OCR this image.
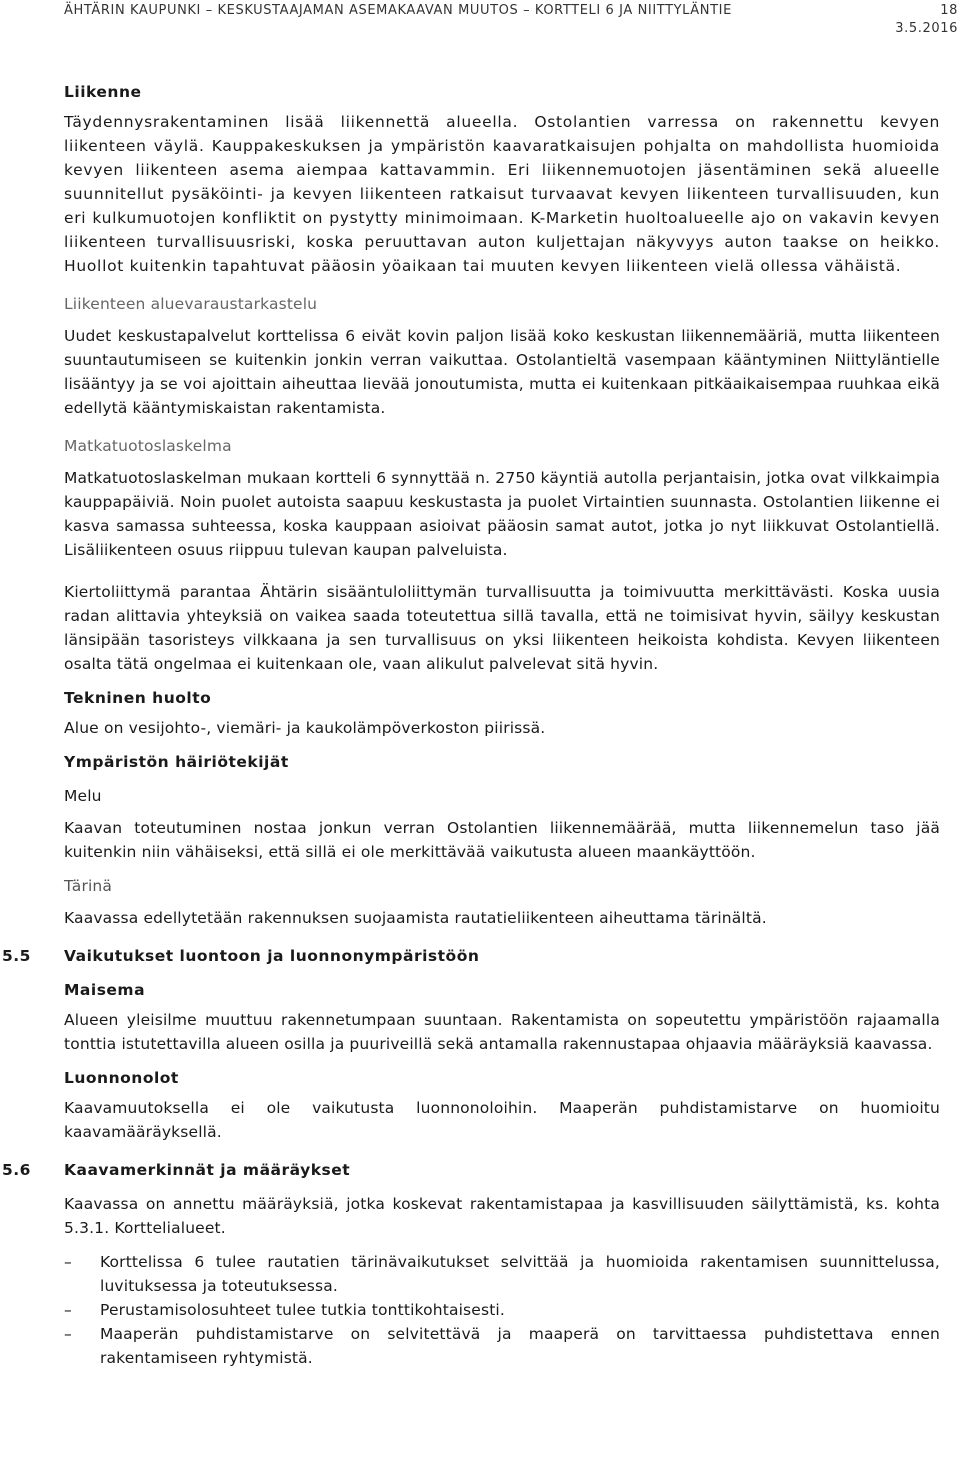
ÄHTÄRIN KAUPUNKI – KESKUSTAAJAMAN ASEMAKAAVAN MUUTOS – KORTTELI 6 JA NIITTYLÄNTIE	18
3.5.2016
Liikenne

Täydennysrakentaminen lisää liikennettä alueella. Ostolantien varressa on rakennettu kevyen liikenteen väylä. Kauppakeskuksen ja ympäristön kaavaratkaisujen pohjalta on mahdollista huomioida kevyen liikenteen asema aiempaa kattavammin. Eri liikennemuotojen jäsentäminen sekä alueelle suunnitellut pysäköinti- ja kevyen liikenteen ratkaisut turvaavat kevyen liikenteen turvallisuuden, kun eri kulkumuotojen konfliktit on pystytty minimoimaan. K-Marketin huoltoalueelle ajo on vakavin kevyen liikenteen turvallisuusriski, koska peruuttavan auton kuljettajan näkyvyys auton taakse on heikko. Huollot kuitenkin tapahtuvat pääosin yöaikaan tai muuten kevyen liikenteen vielä ollessa vähäistä.

Liikenteen aluevaraustarkastelu

Uudet keskustapalvelut korttelissa 6 eivät kovin paljon lisää koko keskustan liikennemääriä, mutta liikenteen suuntautumiseen se kuitenkin jonkin verran vaikuttaa. Ostolantieltä vasempaan kääntyminen Niittyläntielle lisääntyy ja se voi ajoittain aiheuttaa lievää jonoutumista, mutta ei kuitenkaan pitkäaikaisempaa ruuhkaa eikä edellytä kääntymiskaistan rakentamista.

Matkatuotoslaskelma

Matkatuotoslaskelman mukaan kortteli 6 synnyttää n. 2750 käyntiä autolla perjantaisin, jotka ovat vilkkaimpia kauppapäiviä. Noin puolet autoista saapuu keskustasta ja puolet Virtaintien suunnasta. Ostolantien liikenne ei kasva samassa suhteessa, koska kauppaan asioivat pääosin samat autot, jotka jo nyt liikkuvat Ostolantiellä. Lisäliikenteen osuus riippuu tulevan kaupan palveluista.

Kiertoliittymä parantaa Ähtärin sisääntuloliittymän turvallisuutta ja toimivuutta merkittävästi. Koska uusia radan alittavia yhteyksiä on vaikea saada toteutettua sillä tavalla, että ne toimisivat hyvin, säilyy keskustan länsipään tasoristeys vilkkaana ja sen turvallisuus on yksi liikenteen heikoista kohdista. Kevyen liikenteen osalta tätä ongelmaa ei kuitenkaan ole, vaan alikulut palvelevat sitä hyvin.

Tekninen huolto

Alue on vesijohto-, viemäri- ja kaukolämpöverkoston piirissä.

Ympäristön häiriötekijät
Melu

Kaavan toteutuminen nostaa jonkun verran Ostolantien liikennemäärää, mutta liikennemelun taso jää kuitenkin niin vähäiseksi, että sillä ei ole merkittävää vaikutusta alueen maankäyttöön.

Tärinä

Kaavassa edellytetään rakennuksen suojaamista rautatieliikenteen aiheuttama tärinältä.

5.5 Vaikutukset luontoon ja luonnonympäristöön
Maisema

Alueen yleisilme muuttuu rakennetumpaan suuntaan. Rakentamista on sopeutettu ympäristöön rajaamalla tonttia istutettavilla alueen osilla ja puuriveillä sekä antamalla rakennustapaa ohjaavia määräyksiä kaavassa.

Luonnonolot

Kaavamuutoksella ei ole vaikutusta luonnonoloihin. Maaperän puhdistamistarve on huomioitu kaavamääräyksellä.

5.6 Kaavamerkinnät ja määräykset

Kaavassa on annettu määräyksiä, jotka koskevat rakentamistapaa ja kasvillisuuden säilyttämistä, ks. kohta 5.3.1. Korttelialueet.

– Korttelissa 6 tulee rautatien tärinävaikutukset selvittää ja huomioida rakentamisen suunnittelussa, luvituksessa ja toteutuksessa.
– Perustamisolosuhteet tulee tutkia tonttikohtaisesti.
– Maaperän puhdistamistarve on selvitettävä ja maaperä on tarvittaessa puhdistettava ennen rakentamiseen ryhtymistä.
